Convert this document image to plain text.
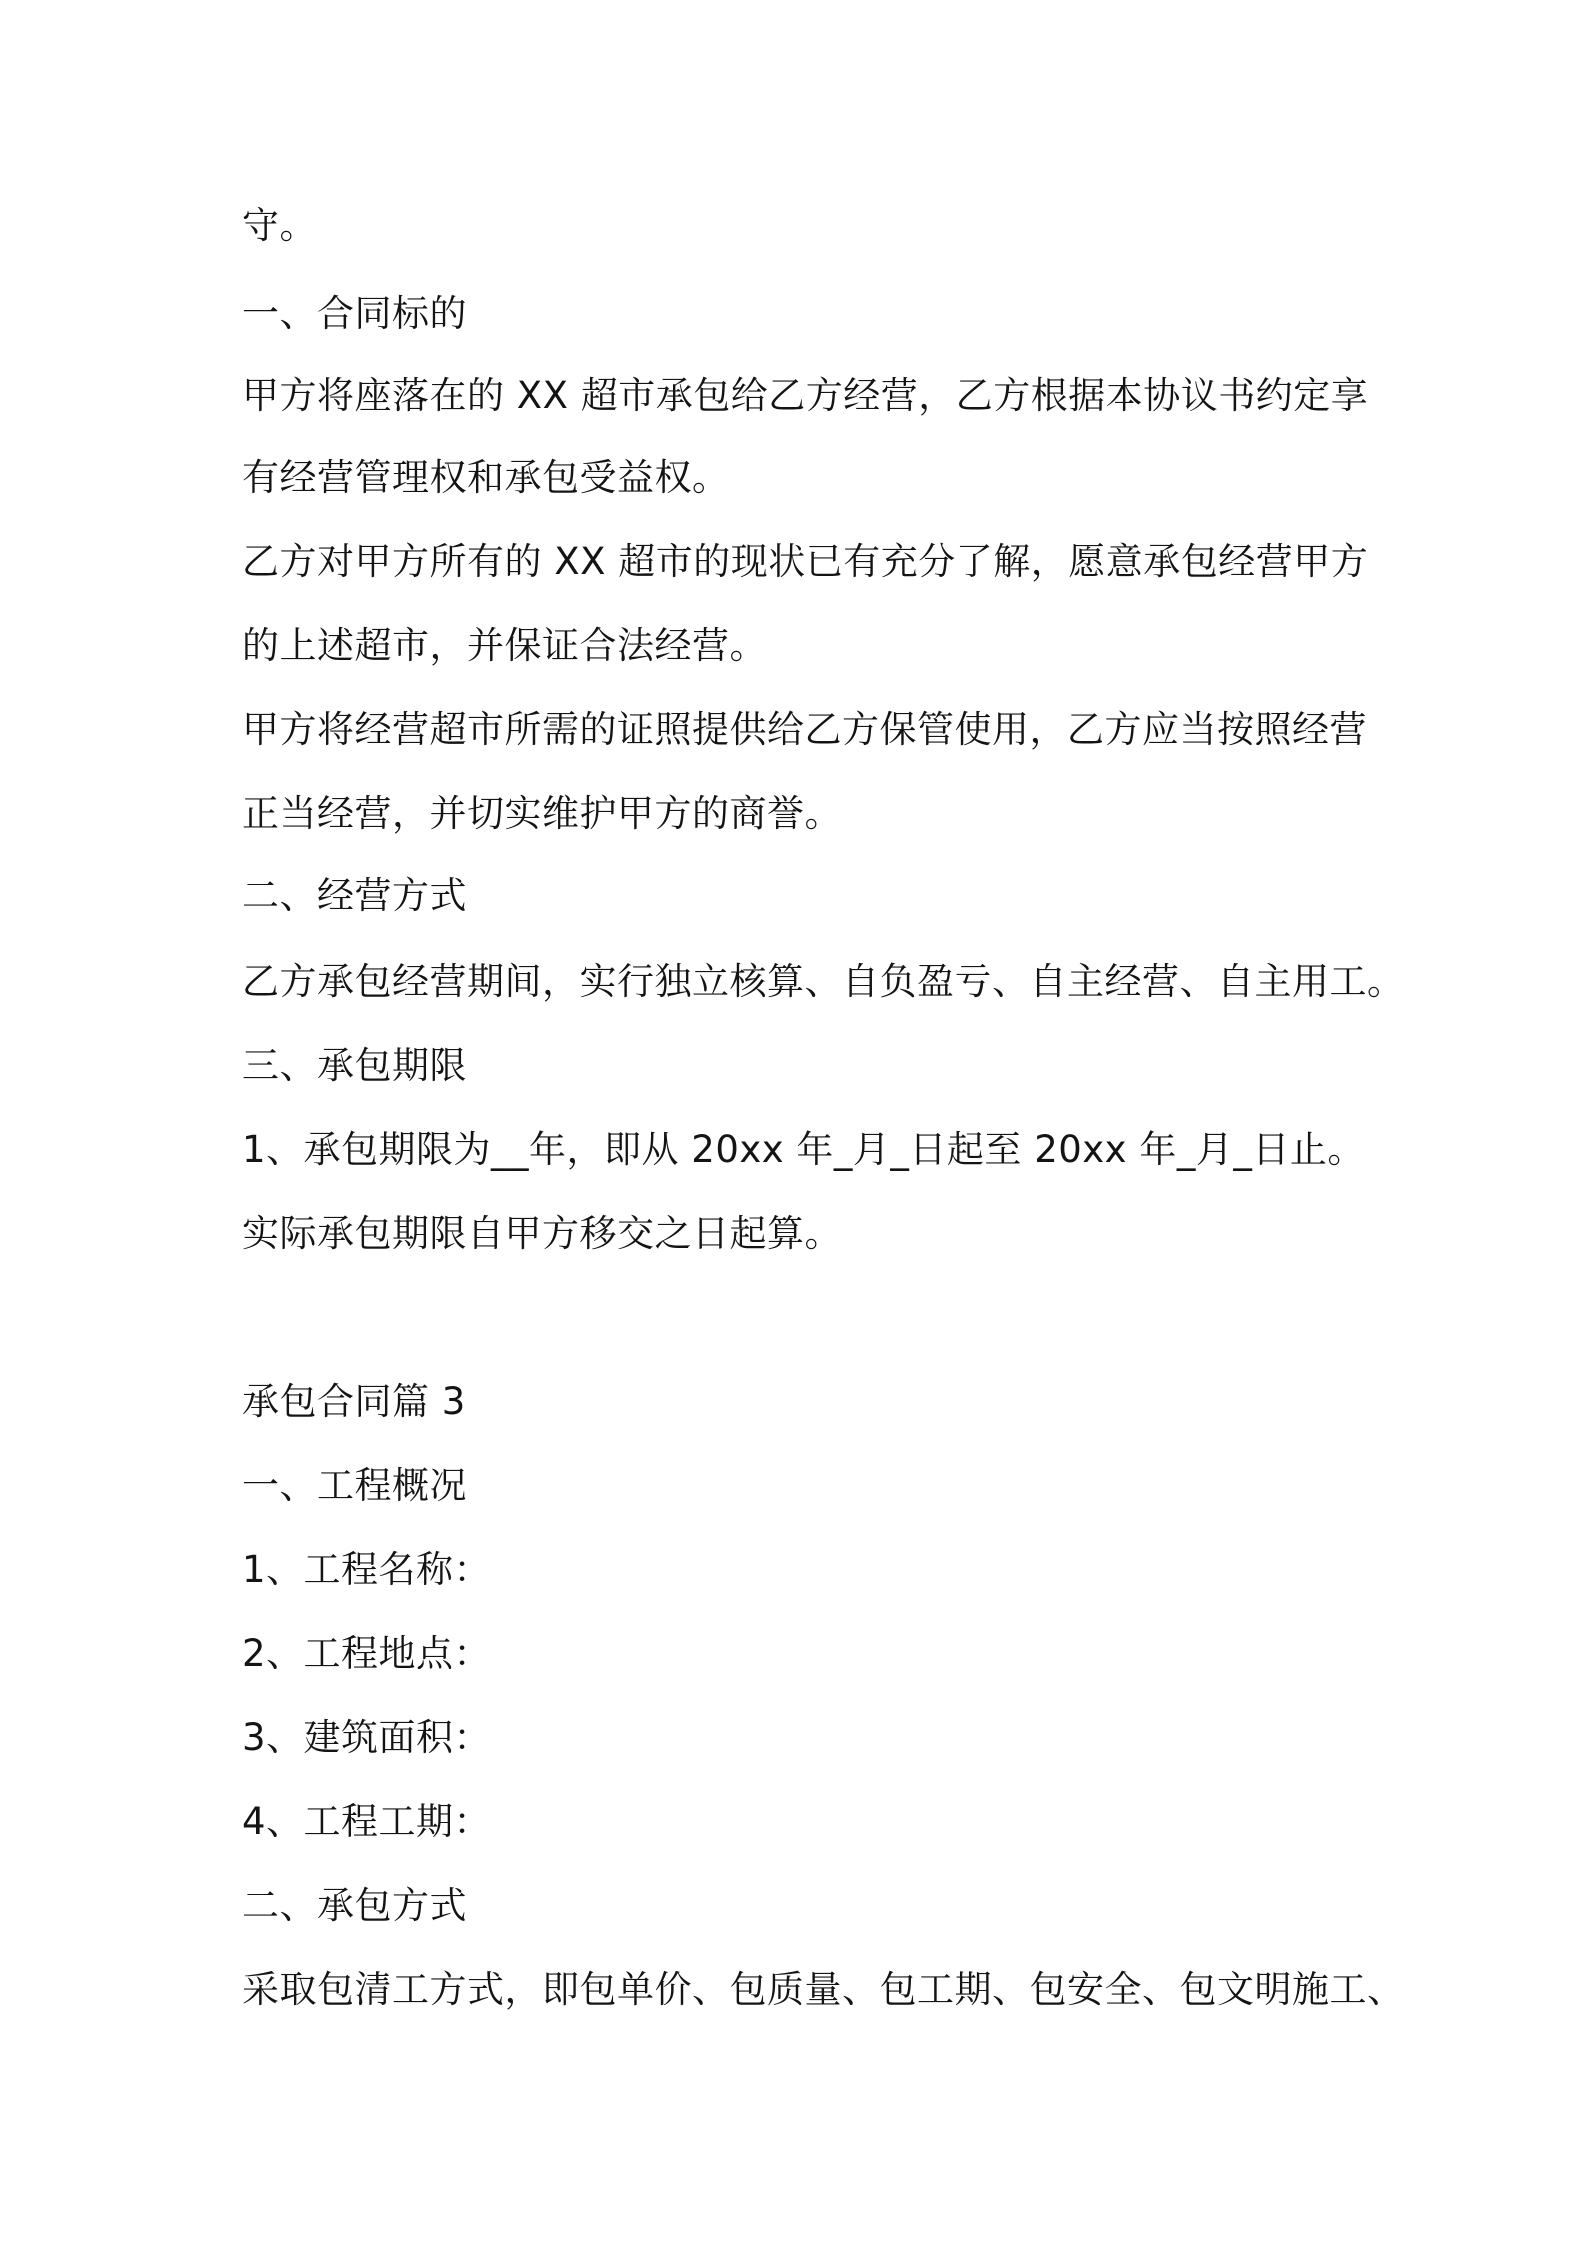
守。
一、合同标的
甲方将座落在的 XX 超市承包给乙方经营，乙方根据本协议书约定享
有经营管理权和承包受益权。
乙方对甲方所有的 XX 超市的现状已有充分了解，愿意承包经营甲方
的上述超市，并保证合法经营。
甲方将经营超市所需的证照提供给乙方保管使用，乙方应当按照经营
正当经营，并切实维护甲方的商誉。
二、经营方式
乙方承包经营期间，实行独立核算、自负盈亏、自主经营、自主用工。
三、承包期限
1、承包期限为__年，即从 20xx 年_月_日起至 20xx 年_月_日止。
实际承包期限自甲方移交之日起算。
承包合同篇 3
一、工程概况
1、工程名称：
2、工程地点：
3、建筑面积：
4、工程工期：
二、承包方式
采取包清工方式，即包单价、包质量、包工期、包安全、包文明施工、
